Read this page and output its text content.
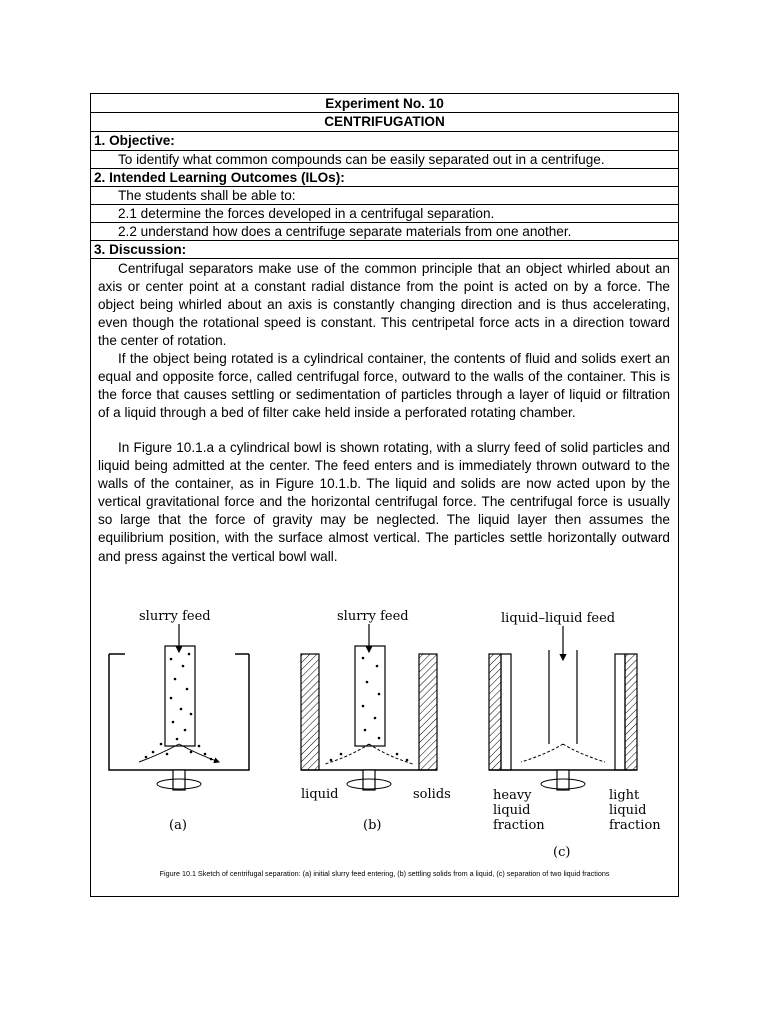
Experiment No. 10
CENTRIFUGATION
1. Objective:
To identify what common compounds can be easily separated out in a centrifuge.
2. Intended Learning Outcomes (ILOs):
The students shall be able to:
2.1 determine the forces developed in a centrifugal separation.
2.2 understand how does a centrifuge separate materials from one another.
3. Discussion:
Centrifugal separators make use of the common principle that an object whirled about an axis or center point at a constant radial distance from the point is acted on by a force. The object being whirled about an axis is constantly changing direction and is thus accelerating, even though the rotational speed is constant. This centripetal force acts in a direction toward the center of rotation.
If the object being rotated is a cylindrical container, the contents of fluid and solids exert an equal and opposite force, called centrifugal force, outward to the walls of the container. This is the force that causes settling or sedimentation of particles through a layer of liquid or filtration of a liquid through a bed of filter cake held inside a perforated rotating chamber.
In Figure 10.1.a a cylindrical bowl is shown rotating, with a slurry feed of solid particles and liquid being admitted at the center. The feed enters and is immediately thrown outward to the walls of the container, as in Figure 10.1.b. The liquid and solids are now acted upon by the vertical gravitational force and the horizontal centrifugal force. The centrifugal force is usually so large that the force of gravity may be neglected. The liquid layer then assumes the equilibrium position, with the surface almost vertical. The particles settle horizontally outward and press against the vertical bowl wall.
slurry feed
(a)
slurry feed
liquid	solids
(b)
liquid–liquid feed
heavy
liquid
fraction
light
liquid
fraction
(c)
Figure 10.1 Sketch of centrifugal separation: (a) initial slurry feed entering, (b) settling solids from a liquid, (c) separation of two liquid fractions
